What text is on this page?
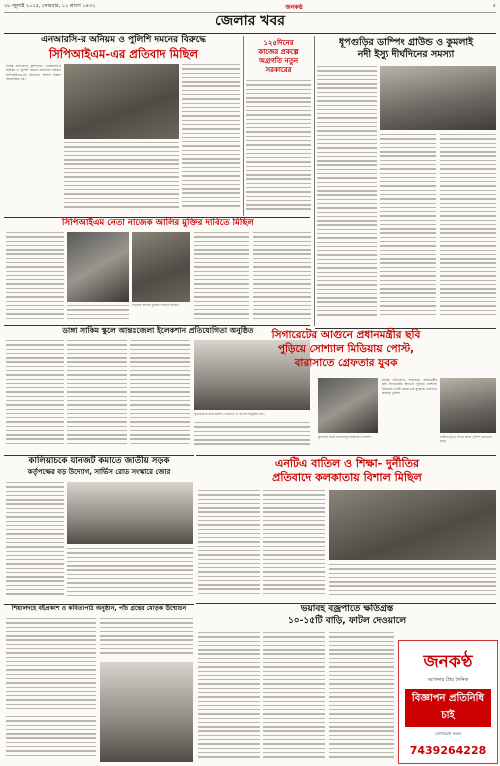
২৮ জুলাই ২০২৫, সোমবার, ১২ শ্রাবণ ১৪৩২	জনকণ্ঠ	৫
জেলার খবর
এনআরসি-র অনিয়ম ও পুলিশি দমনের বিরুদ্ধে
সিপিআইএম-এর প্রতিবাদ মিছিল
নিজস্ব প্রতিবেদন, মুর্শিদাবাদ: এনআরসি-র অনিয়ম ও পুলিশি দমনের প্রতিবাদে রবিবার সিপিআইএম-এর উদ্যোগে বিশাল মিছিল আয়োজিত হয়।
১২৫দিনের
কাজের প্রকল্পে
অগ্রগতি নতুন
সরকারের
ধূপগুড়ির ডাম্পিং গ্রাউন্ড ও কুমলাই
নদী ইস্যু দীর্ঘদিনের সমস্যা
সিপিআইএম নেতা নাজেক আলির মুক্তির দাবিতে মিছিল
নাজেক আলির মুক্তির দাবিতে মিছিল।
ডাঙ্গা সাকিম স্কুলে আন্তঃজেলা ইলেকশান প্রতিযোগিতা অনুষ্ঠিত
সুভাষগ্রামে বহিঃপ্রকাশ দেওয়াতে এ ব্যাপক অনুষ্ঠিত হল।
সিগারেটের আগুনে প্রধানমন্ত্রীর ছবি
পুড়িয়ে সোশ্যাল মিডিয়ায় পোস্ট,
বারাসাতে গ্রেফতার যুবক
কুলতলি নামে জামালপুর অঞ্চলের বাসিন্দা
নিজস্ব প্রতিবেদন, বারাসাত: প্রধানমন্ত্রীর ছবি সিগারেটের আগুনে পুড়িয়ে সোশ্যাল মিডিয়ায় পোস্ট করায় এক যুবককে গ্রেফতার করেছে পুলিশ।
ঘাটিরে ছাড়ে তাকে আজ পুলিশ গ্রেফতার করে।
কালিয়াচকে যানজট কমাতে জাতীয় সড়ক
কর্তৃপক্ষের বড় উদ্যোগ, সার্ভিস রোড সংস্কারে জোর
এনটিএ বাতিল ও শিক্ষা- দুর্নীতির
প্রতিবাদে কলকাতায় বিশাল মিছিল
ভয়াবহ বজ্রপাতে ক্ষতিগ্রস্ত
১০-১৫টি বাড়ি, ফাটল দেওয়ালে
শিয়ালদহে বইপ্রকাশ ও কবিতাপাঠ অনুষ্ঠান, পাঁচ গ্রন্থের মোড়ক উন্মোচন
জনকণ্ঠ
আপনার প্রিয় দৈনিক
বিজ্ঞাপন প্রতিনিধি চাই
যোগাযোগ করুন
7439264228
